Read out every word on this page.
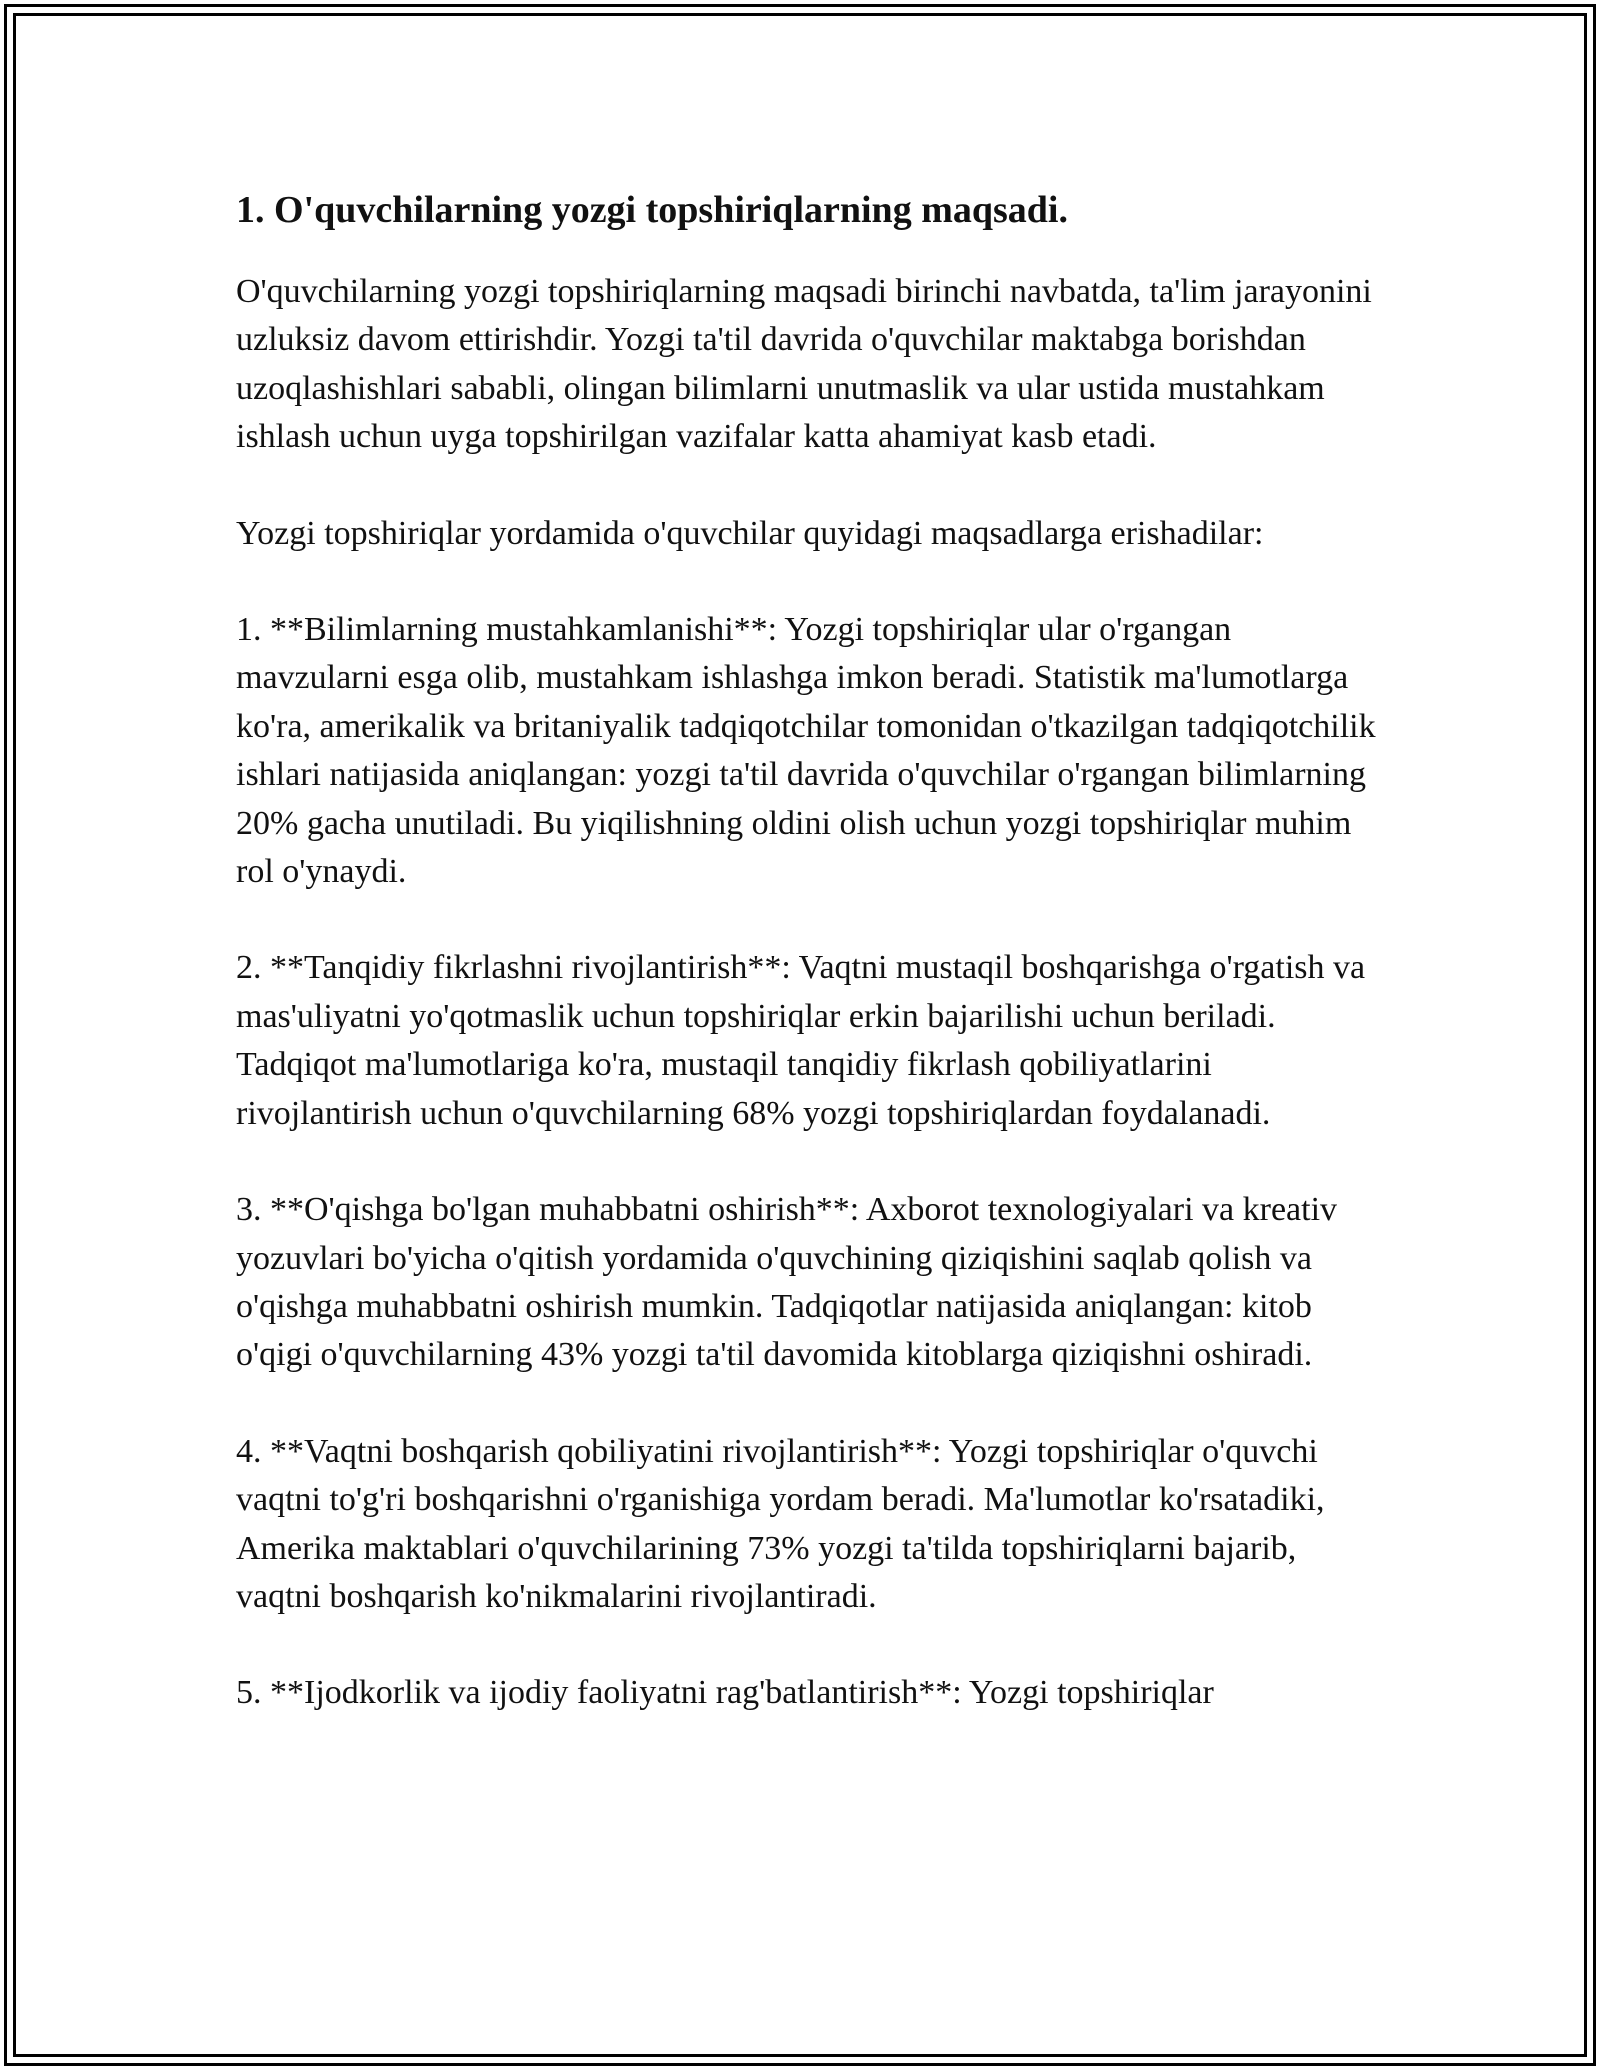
1. O'quvchilarning yozgi topshiriqlarning maqsadi.

O'quvchilarning yozgi topshiriqlarning maqsadi birinchi navbatda, ta'lim jarayonini uzluksiz davom ettirishdir. Yozgi ta'til davrida o'quvchilar maktabga borishdan uzoqlashishlari sababli, olingan bilimlarni unutmaslik va ular ustida mustahkam ishlash uchun uyga topshirilgan vazifalar katta ahamiyat kasb etadi.

Yozgi topshiriqlar yordamida o'quvchilar quyidagi maqsadlarga erishadilar:

1. **Bilimlarning mustahkamlanishi**: Yozgi topshiriqlar ular o'rgangan mavzularni esga olib, mustahkam ishlashga imkon beradi. Statistik ma'lumotlarga ko'ra, amerikalik va britaniyalik tadqiqotchilar tomonidan o'tkazilgan tadqiqotchilik ishlari natijasida aniqlangan: yozgi ta'til davrida o'quvchilar o'rgangan bilimlarning 20% gacha unutiladi. Bu yiqilishning oldini olish uchun yozgi topshiriqlar muhim rol o'ynaydi.

2. **Tanqidiy fikrlashni rivojlantirish**: Vaqtni mustaqil boshqarishga o'rgatish va mas'uliyatni yo'qotmaslik uchun topshiriqlar erkin bajarilishi uchun beriladi. Tadqiqot ma'lumotlariga ko'ra, mustaqil tanqidiy fikrlash qobiliyatlarini rivojlantirish uchun o'quvchilarning 68% yozgi topshiriqlardan foydalanadi.

3. **O'qishga bo'lgan muhabbatni oshirish**: Axborot texnologiyalari va kreativ yozuvlari bo'yicha o'qitish yordamida o'quvchining qiziqishini saqlab qolish va o'qishga muhabbatni oshirish mumkin. Tadqiqotlar natijasida aniqlangan: kitob o'qigi o'quvchilarning 43% yozgi ta'til davomida kitoblarga qiziqishni oshiradi.

4. **Vaqtni boshqarish qobiliyatini rivojlantirish**: Yozgi topshiriqlar o'quvchi vaqtni to'g'ri boshqarishni o'rganishiga yordam beradi. Ma'lumotlar ko'rsatadiki, Amerika maktablari o'quvchilarining 73% yozgi ta'tilda topshiriqlarni bajarib, vaqtni boshqarish ko'nikmalarini rivojlantiradi.

5. **Ijodkorlik va ijodiy faoliyatni rag'batlantirish**: Yozgi topshiriqlar
